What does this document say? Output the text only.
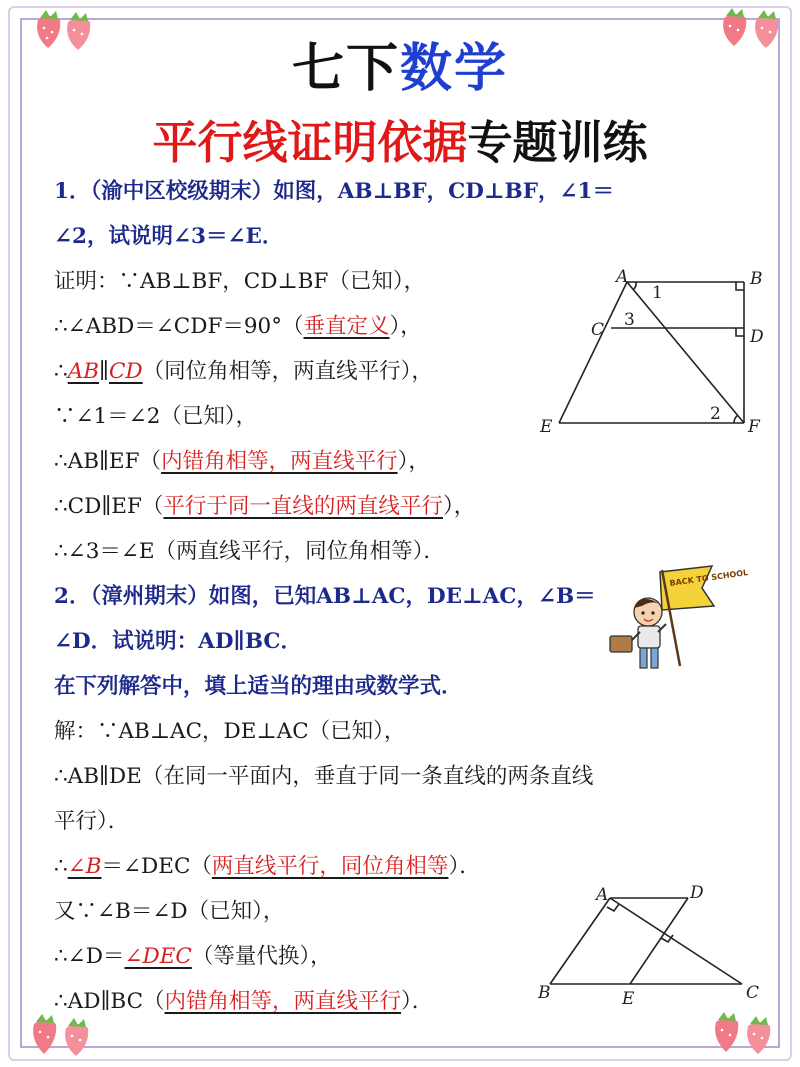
七下数学
平行线证明依据专题训练
1．（渝中区校级期末）如图，AB⊥BF，CD⊥BF，∠1＝
∠2，试说明∠3＝∠E．
证明：∵AB⊥BF，CD⊥BF（已知），
∴∠ABD＝∠CDF＝90°（垂直定义），
∴AB∥CD（同位角相等，两直线平行），
∵∠1＝∠2（已知），
∴AB∥EF（内错角相等，两直线平行），
∴CD∥EF（平行于同一直线的两直线平行），
∴∠3＝∠E（两直线平行，同位角相等）．
A	B
C	D
E	F
1
2
3
2．（漳州期末）如图，已知AB⊥AC，DE⊥AC，∠B＝
∠D．试说明：AD∥BC．
在下列解答中，填上适当的理由或数学式．
解：∵AB⊥AC，DE⊥AC（已知），
∴AB∥DE（在同一平面内，垂直于同一条直线的两条直线
平行）．
∴∠B＝∠DEC（两直线平行，同位角相等）．
又∵∠B＝∠D（已知），
∴∠D＝∠DEC（等量代换），
∴AD∥BC（内错角相等，两直线平行）．
A	D
B	E	C
BACK TO SCHOOL
